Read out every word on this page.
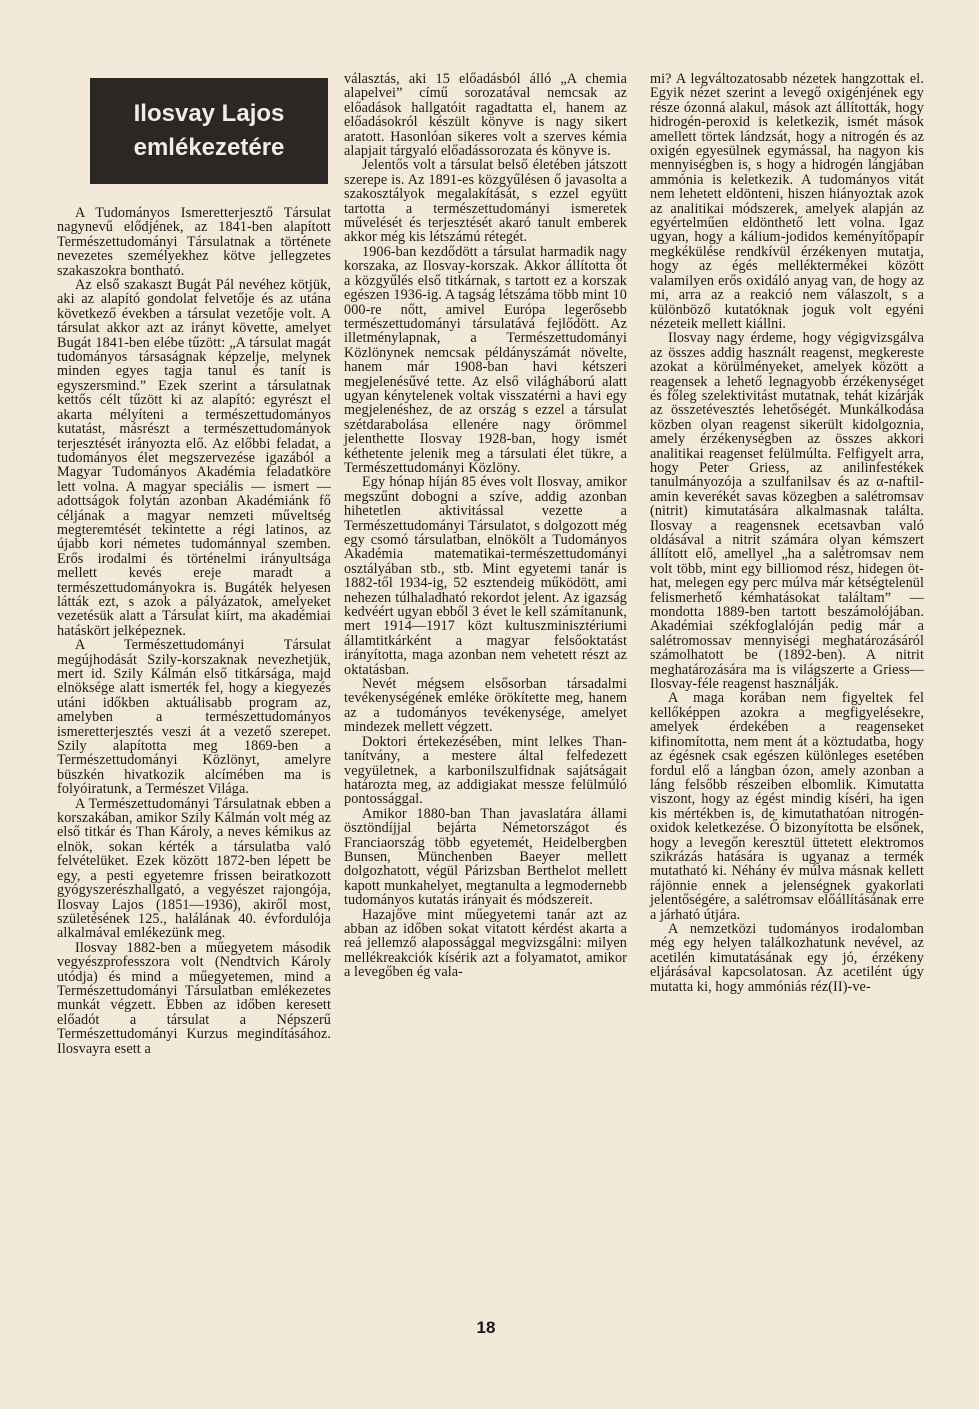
Ilosvay Lajos
emlékezetére

A Tudományos Ismeretterjesztő Társulat nagynevű elődjének, az 1841-ben alapított Természettudományi Társulatnak a története nevezetes személyekhez kötve jellegzetes szakaszokra bontható.

Az első szakaszt Bugát Pál nevéhez kötjük, aki az alapító gondolat felvetője és az utána következő években a társulat vezetője volt. A társulat akkor azt az irányt követte, amelyet Bugát 1841-ben elébe tűzött: „A társulat magát tudományos társaságnak képzelje, melynek minden egyes tagja tanul és tanít is egyszersmind.” Ezek szerint a társulatnak kettős célt tűzött ki az alapító: egyrészt el akarta mélyíteni a természettudományos kutatást, másrészt a természettudományok terjesztését irányozta elő. Az előbbi feladat, a tudományos élet megszervezése igazából a Magyar Tudományos Akadémia feladatköre lett volna. A magyar speciális — ismert — adottságok folytán azonban Akadémiánk fő céljának a magyar nemzeti műveltség megteremtését tekintette a régi latinos, az újabb kori németes tudománnyal szemben. Erős irodalmi és történelmi irányultsága mellett kevés ereje maradt a természettudományokra is. Bugáték helyesen látták ezt, s azok a pályázatok, amelyeket vezetésük alatt a Társulat kiírt, ma akadémiai hatáskört jelképeznek.

A Természettudományi Társulat megújhodását Szily-korszaknak nevezhetjük, mert id. Szily Kálmán első titkársága, majd elnöksége alatt ismerték fel, hogy a kiegyezés utáni időkben aktuálisabb program az, amelyben a természettudományos ismeretterjesztés veszi át a vezető szerepet. Szily alapította meg 1869-ben a Természettudományi Közlönyt, amelyre büszkén hivatkozik alcímében ma is folyóiratunk, a Természet Világa.

A Természettudományi Társulatnak ebben a korszakában, amikor Szily Kálmán volt még az első titkár és Than Károly, a neves kémikus az elnök, sokan kérték a társulatba való felvételüket. Ezek között 1872-ben lépett be egy, a pesti egyetemre frissen beiratkozott gyógyszerészhallgató, a vegyészet rajongója, Ilosvay Lajos (1851—1936), akiről most, születésének 125., halálának 40. évfordulója alkalmával emlékezünk meg.

Ilosvay 1882-ben a műegyetem második vegyészprofesszora volt (Nendtvich Károly utódja) és mind a műegyetemen, mind a Természettudományi Társulatban emlékezetes munkát végzett. Ebben az időben keresett előadót a társulat a Népszerű Természettudományi Kurzus megindításához. Ilosvayra esett a

választás, aki 15 előadásból álló „A chemia alapelvei” című sorozatával nemcsak az előadások hallgatóit ragadtatta el, hanem az előadásokról készült könyve is nagy sikert aratott. Hasonlóan sikeres volt a szerves kémia alapjait tárgyaló előadássorozata és könyve is.

Jelentős volt a társulat belső életében játszott szerepe is. Az 1891-es közgyűlésen ő javasolta a szakosztályok megalakítását, s ezzel együtt tartotta a természettudományi ismeretek művelését és terjesztését akaró tanult emberek akkor még kis létszámú rétegét.

1906-ban kezdődött a társulat harmadik nagy korszaka, az Ilosvay-korszak. Akkor állította őt a közgyűlés első titkárnak, s tartott ez a korszak egészen 1936-ig. A tagság létszáma több mint 10 000-re nőtt, amivel Európa legerősebb természettudományi társulatává fejlődött. Az illetménylapnak, a Természettudományi Közlönynek nemcsak példányszámát növelte, hanem már 1908-ban havi kétszeri megjelenésűvé tette. Az első világháború alatt ugyan kénytelenek voltak visszatérni a havi egy megjelenéshez, de az ország s ezzel a társulat szétdarabolása ellenére nagy örömmel jelenthette Ilosvay 1928-ban, hogy ismét kéthetente jelenik meg a társulati élet tükre, a Természettudományi Közlöny.

Egy hónap híján 85 éves volt Ilosvay, amikor megszűnt dobogni a szíve, addig azonban hihetetlen aktivitással vezette a Természettudományi Társulatot, s dolgozott még egy csomó társulatban, elnökölt a Tudományos Akadémia matematikai-természettudományi osztályában stb., stb. Mint egyetemi tanár is 1882-től 1934-ig, 52 esztendeig működött, ami nehezen túlhaladható rekordot jelent. Az igazság kedvéért ugyan ebből 3 évet le kell számítanunk, mert 1914—1917 közt kultuszminisztériumi államtitkárként a magyar felsőoktatást irányította, maga azonban nem vehetett részt az oktatásban.

Nevét mégsem elsősorban társadalmi tevékenységének emléke örökítette meg, hanem az a tudományos tevékenysége, amelyet mindezek mellett végzett.

Doktori értekezésében, mint lelkes Than-tanítvány, a mestere által felfedezett vegyületnek, a karbonilszulfidnak sajátságait határozta meg, az addigiakat messze felülmúló pontossággal.

Amikor 1880-ban Than javaslatára állami ösztöndíjjal bejárta Németországot és Franciaország több egyetemét, Heidelbergben Bunsen, Münchenben Baeyer mellett dolgozhatott, végül Párizsban Berthelot mellett kapott munkahelyet, megtanulta a legmodernebb tudományos kutatás irányait és módszereit.

Hazajőve mint műegyetemi tanár azt az abban az időben sokat vitatott kérdést akarta a reá jellemző alapossággal megvizsgálni: milyen mellékreakciók kísérik azt a folyamatot, amikor a levegőben ég vala-

mi? A legváltozatosabb nézetek hangzottak el. Egyik nézet szerint a levegő oxigénjének egy része ózonná alakul, mások azt állították, hogy hidrogén-peroxid is keletkezik, ismét mások amellett törtek lándzsát, hogy a nitrogén és az oxigén egyesülnek egymással, ha nagyon kis mennyiségben is, s hogy a hidrogén lángjában ammónia is keletkezik. A tudományos vitát nem lehetett eldönteni, hiszen hiányoztak azok az analitikai módszerek, amelyek alapján az egyértelműen eldönthető lett volna. Igaz ugyan, hogy a kálium-jodidos keményítőpapír megkékülése rendkívül érzékenyen mutatja, hogy az égés melléktermékei között valamilyen erős oxidáló anyag van, de hogy az mi, arra az a reakció nem válaszolt, s a különböző kutatóknak joguk volt egyéni nézeteik mellett kiállni.

Ilosvay nagy érdeme, hogy végigvizsgálva az összes addig használt reagenst, megkereste azokat a körülményeket, amelyek között a reagensek a lehető legnagyobb érzékenységet és főleg szelektivitást mutatnak, tehát kizárják az összetévesztés lehetőségét. Munkálkodása közben olyan reagenst sikerült kidolgoznia, amely érzékenységben az összes akkori analitikai reagenset felülmúlta. Felfigyelt arra, hogy Peter Griess, az anilinfestékek tanulmányozója a szulfanilsav és az α-naftil-amin keverékét savas közegben a salétromsav (nitrit) kimutatására alkalmasnak találta. Ilosvay a reagensnek ecetsavban való oldásával a nitrit számára olyan kémszert állított elő, amellyel „ha a salétromsav nem volt több, mint egy billiomod rész, hidegen öt-hat, melegen egy perc múlva már kétségtelenül felismerhető kémhatásokat találtam” — mondotta 1889-ben tartott beszámolójában. Akadémiai székfoglalóján pedig már a salétromossav mennyiségi meghatározásáról számolhatott be (1892-ben). A nitrit meghatározására ma is világszerte a Griess—Ilosvay-féle reagenst használják.

A maga korában nem figyeltek fel kellőképpen azokra a megfigyelésekre, amelyek érdekében a reagenseket kifinomította, nem ment át a köztudatba, hogy az égésnek csak egészen különleges esetében fordul elő a lángban ózon, amely azonban a láng felsőbb részeiben elbomlik. Kimutatta viszont, hogy az égést mindig kíséri, ha igen kis mértékben is, de kimutathatóan nitrogén-oxidok keletkezése. Ő bizonyította be elsőnek, hogy a levegőn keresztül üttetett elektromos szikrázás hatására is ugyanaz a termék mutatható ki. Néhány év múlva másnak kellett rájönnie ennek a jelenségnek gyakorlati jelentőségére, a salétromsav előállításának erre a járható útjára.

A nemzetközi tudományos irodalomban még egy helyen találkozhatunk nevével, az acetilén kimutatásának egy jó, érzékeny eljárásával kapcsolatosan. Az acetilént úgy mutatta ki, hogy ammóniás réz(II)-ve-

18
